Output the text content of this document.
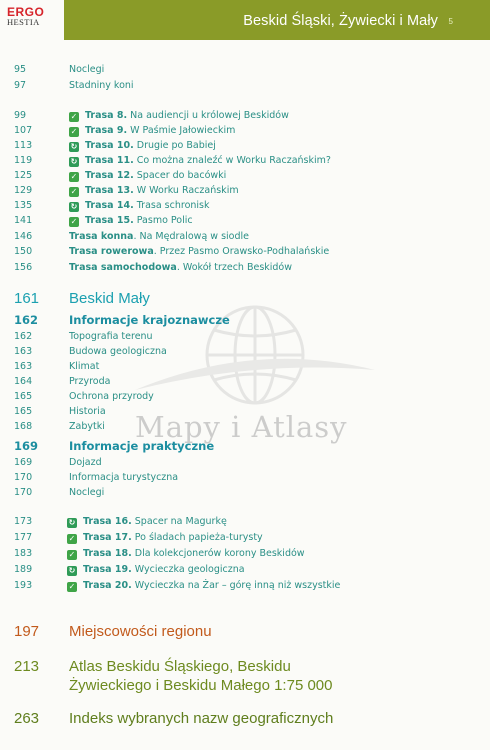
ERGO
HESTIA	Beskid Śląski, Żywiecki i Mały 5
Mapy i Atlasy
95	Noclegi
97	Stadniny koni
99	✓ Trasa 8. Na audiencji u królowej Beskidów
107	✓ Trasa 9. W Paśmie Jałowieckim
113	↻ Trasa 10. Drugie po Babiej
119	↻ Trasa 11. Co można znaleźć w Worku Raczańskim?
125	✓ Trasa 12. Spacer do bacówki
129	✓ Trasa 13. W Worku Raczańskim
135	↻ Trasa 14. Trasa schronisk
141	✓ Trasa 15. Pasmo Polic
146	Trasa konna. Na Mędralową w siodle
150	Trasa rowerowa. Przez Pasmo Orawsko-Podhalańskie
156	Trasa samochodowa. Wokół trzech Beskidów
161 Beskid Mały
162	Informacje krajoznawcze
162	Topografia terenu
163	Budowa geologiczna
163	Klimat
164	Przyroda
165	Ochrona przyrody
165	Historia
168	Zabytki
169	Informacje praktyczne
169	Dojazd
170	Informacja turystyczna
170	Noclegi
173	↻ Trasa 16. Spacer na Magurkę
177	✓ Trasa 17. Po śladach papieża-turysty
183	✓ Trasa 18. Dla kolekcjonerów korony Beskidów
189	↻ Trasa 19. Wycieczka geologiczna
193	✓ Trasa 20. Wycieczka na Żar – górę inną niż wszystkie
197 Miejscowości regionu
213 Atlas Beskidu Śląskiego, Beskidu
Żywieckiego i Beskidu Małego 1:75 000
263 Indeks wybranych nazw geograficznych
